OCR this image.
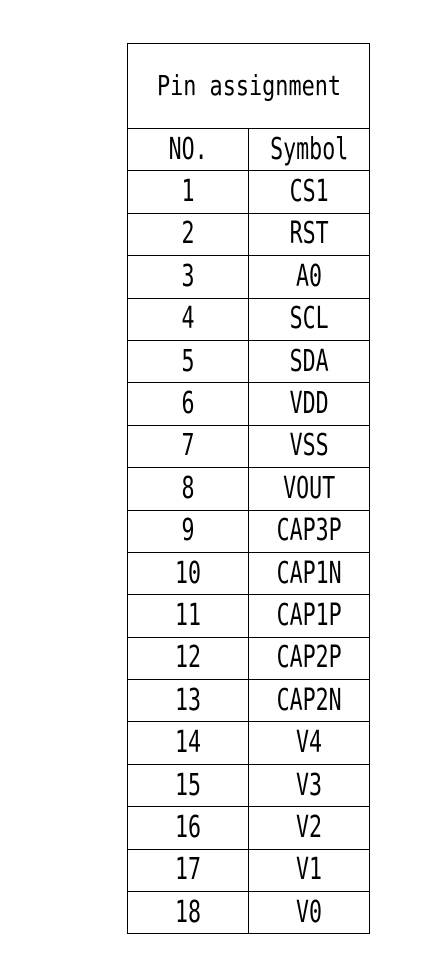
Pin assignment	
NO.	Symbol
1	CS1
2	RST
3	A0
4	SCL
5	SDA
6	VDD
7	VSS
8	VOUT
9	CAP3P
10	CAP1N
11	CAP1P
12	CAP2P
13	CAP2N
14	V4
15	V3
16	V2
17	V1
18	V0
